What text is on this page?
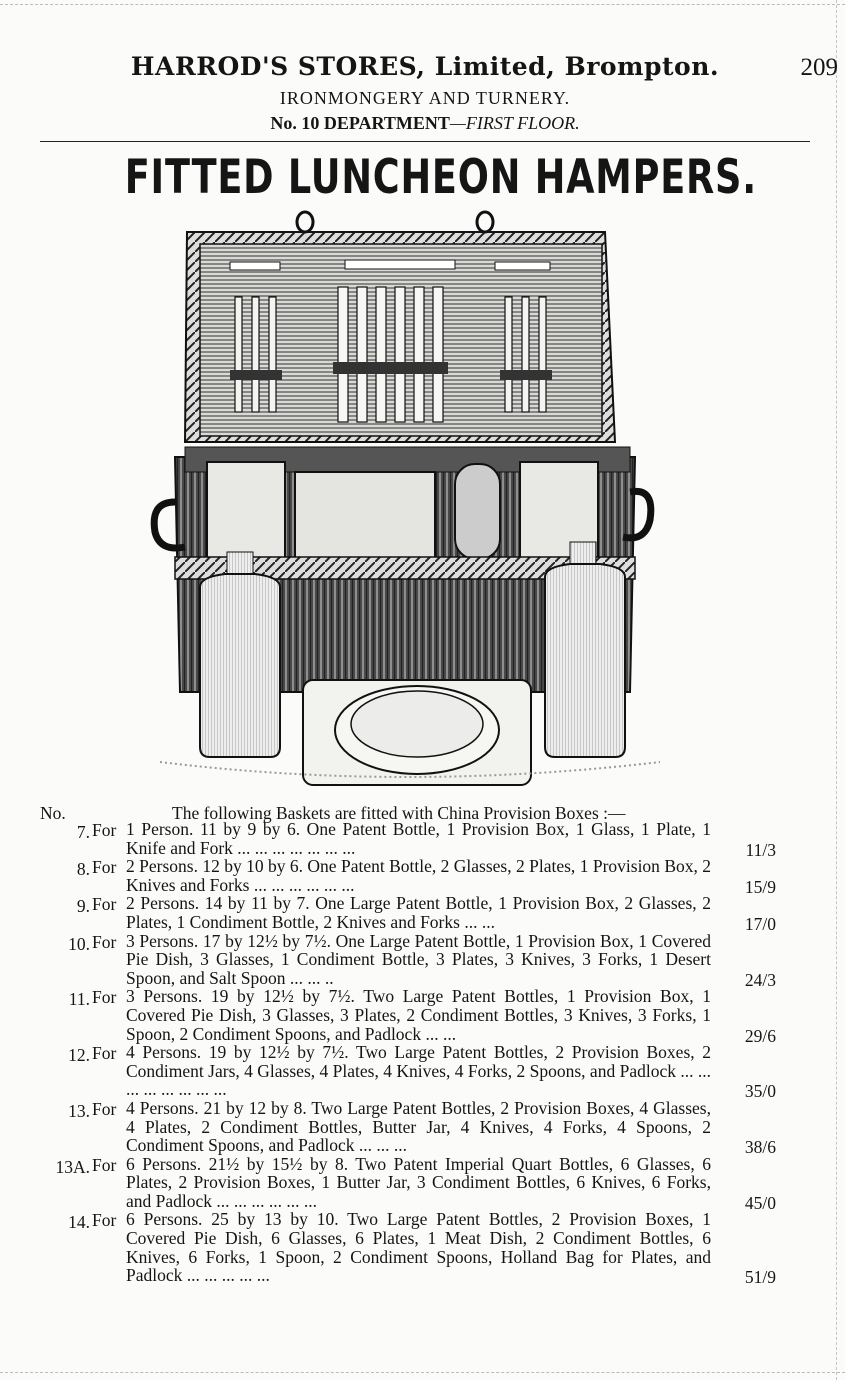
HARROD'S STORES, Limited, Brompton.	209
IRONMONGERY AND TURNERY.
No. 10 DEPARTMENT—FIRST FLOOR.
FITTED LUNCHEON HAMPERS.
No.	The following Baskets are fitted with China Provision Boxes :—
7. For 1 Person. 11 by 9 by 6. One Patent Bottle, 1 Provision Box, 1 Glass, 1 Plate, 1 Knife and Fork ... ... ... ... ... ... ...	11/3
8. For 2 Persons. 12 by 10 by 6. One Patent Bottle, 2 Glasses, 2 Plates, 1 Provision Box, 2 Knives and Forks ... ... ... ... ... ...	15/9
9. For 2 Persons. 14 by 11 by 7. One Large Patent Bottle, 1 Provision Box, 2 Glasses, 2 Plates, 1 Condiment Bottle, 2 Knives and Forks ... ...	17/0
10. For 3 Persons. 17 by 12½ by 7½. One Large Patent Bottle, 1 Provision Box, 1 Covered Pie Dish, 3 Glasses, 1 Condiment Bottle, 3 Plates, 3 Knives, 3 Forks, 1 Desert Spoon, and Salt Spoon ... ... ..	24/3
11. For 3 Persons. 19 by 12½ by 7½. Two Large Patent Bottles, 1 Provision Box, 1 Covered Pie Dish, 3 Glasses, 3 Plates, 2 Condiment Bottles, 3 Knives, 3 Forks, 1 Spoon, 2 Condiment Spoons, and Padlock ... ...	29/6
12. For 4 Persons. 19 by 12½ by 7½. Two Large Patent Bottles, 2 Provision Boxes, 2 Condiment Jars, 4 Glasses, 4 Plates, 4 Knives, 4 Forks, 2 Spoons, and Padlock ... ... ... ... ... ... ... ...	35/0
13. For 4 Persons. 21 by 12 by 8. Two Large Patent Bottles, 2 Provision Boxes, 4 Glasses, 4 Plates, 2 Condiment Bottles, Butter Jar, 4 Knives, 4 Forks, 4 Spoons, 2 Condiment Spoons, and Padlock ... ... ...	38/6
13A. For 6 Persons. 21½ by 15½ by 8. Two Patent Imperial Quart Bottles, 6 Glasses, 6 Plates, 2 Provision Boxes, 1 Butter Jar, 3 Condiment Bottles, 6 Knives, 6 Forks, and Padlock ... ... ... ... ... ...	45/0
14. For 6 Persons. 25 by 13 by 10. Two Large Patent Bottles, 2 Provision Boxes, 1 Covered Pie Dish, 6 Glasses, 6 Plates, 1 Meat Dish, 2 Condiment Bottles, 6 Knives, 6 Forks, 1 Spoon, 2 Condiment Spoons, Holland Bag for Plates, and Padlock ... ... ... ... ...	51/9
